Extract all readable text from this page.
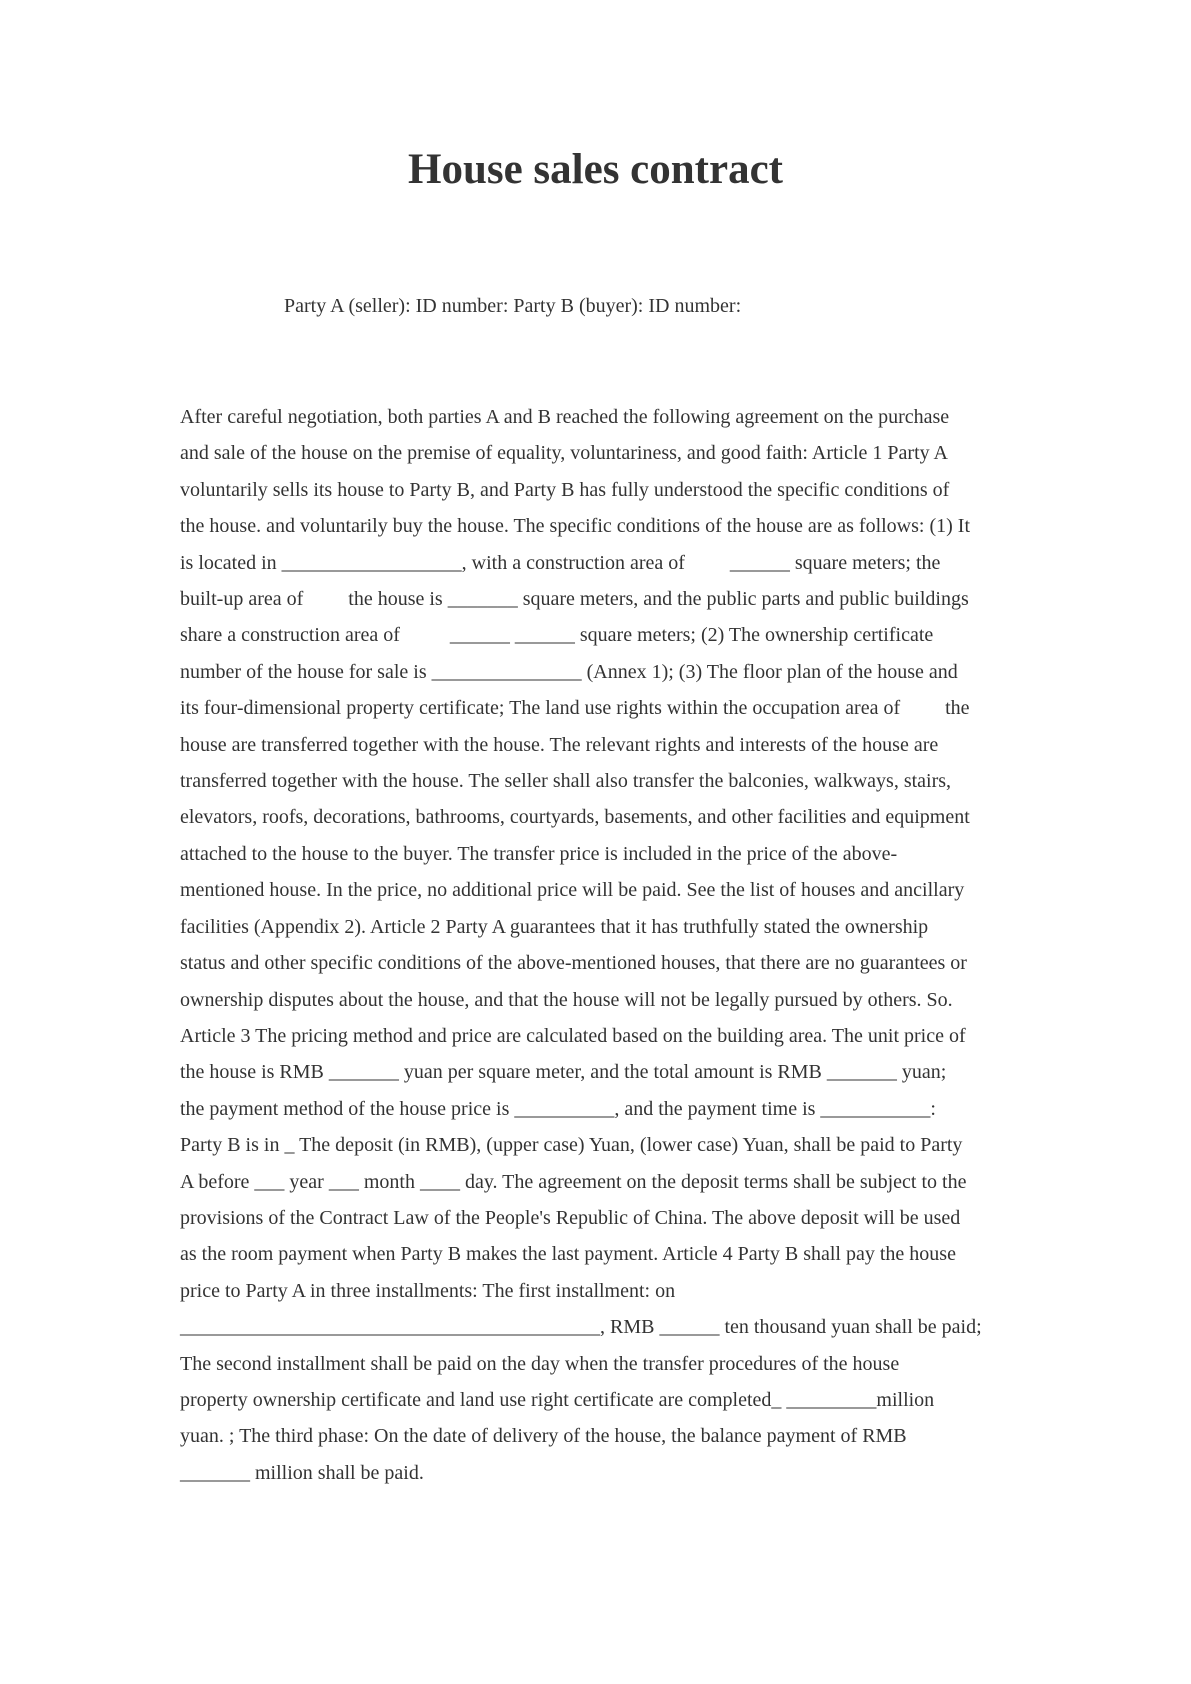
House sales contract

Party A (seller): ID number: Party B (buyer): ID number:

After careful negotiation, both parties A and B reached the following agreement on the purchase
and sale of the house on the premise of equality, voluntariness, and good faith: Article 1 Party A
voluntarily sells its house to Party B, and Party B has fully understood the specific conditions of
the house. and voluntarily buy the house. The specific conditions of the house are as follows: (1) It
is located in __________________, with a construction area of         ______ square meters; the
built-up area of         the house is _______ square meters, and the public parts and public buildings
share a construction area of          ______ ______ square meters; (2) The ownership certificate
number of the house for sale is _______________ (Annex 1); (3) The floor plan of the house and
its four-dimensional property certificate; The land use rights within the occupation area of         the
house are transferred together with the house. The relevant rights and interests of the house are
transferred together with the house. The seller shall also transfer the balconies, walkways, stairs,
elevators, roofs, decorations, bathrooms, courtyards, basements, and other facilities and equipment
attached to the house to the buyer. The transfer price is included in the price of the above-
mentioned house. In the price, no additional price will be paid. See the list of houses and ancillary
facilities (Appendix 2). Article 2 Party A guarantees that it has truthfully stated the ownership
status and other specific conditions of the above-mentioned houses, that there are no guarantees or
ownership disputes about the house, and that the house will not be legally pursued by others. So.
Article 3 The pricing method and price are calculated based on the building area. The unit price of
the house is RMB _______ yuan per square meter, and the total amount is RMB _______ yuan;
the payment method of the house price is __________, and the payment time is ___________:
Party B is in _ The deposit (in RMB), (upper case) Yuan, (lower case) Yuan, shall be paid to Party
A before ___ year ___ month ____ day. The agreement on the deposit terms shall be subject to the
provisions of the Contract Law of the People's Republic of China. The above deposit will be used
as the room payment when Party B makes the last payment. Article 4 Party B shall pay the house
price to Party A in three installments: The first installment: on
__________________________________________, RMB ______ ten thousand yuan shall be paid;
The second installment shall be paid on the day when the transfer procedures of the house
property ownership certificate and land use right certificate are completed_ _________million
yuan. ; The third phase: On the date of delivery of the house, the balance payment of RMB
_______ million shall be paid.
